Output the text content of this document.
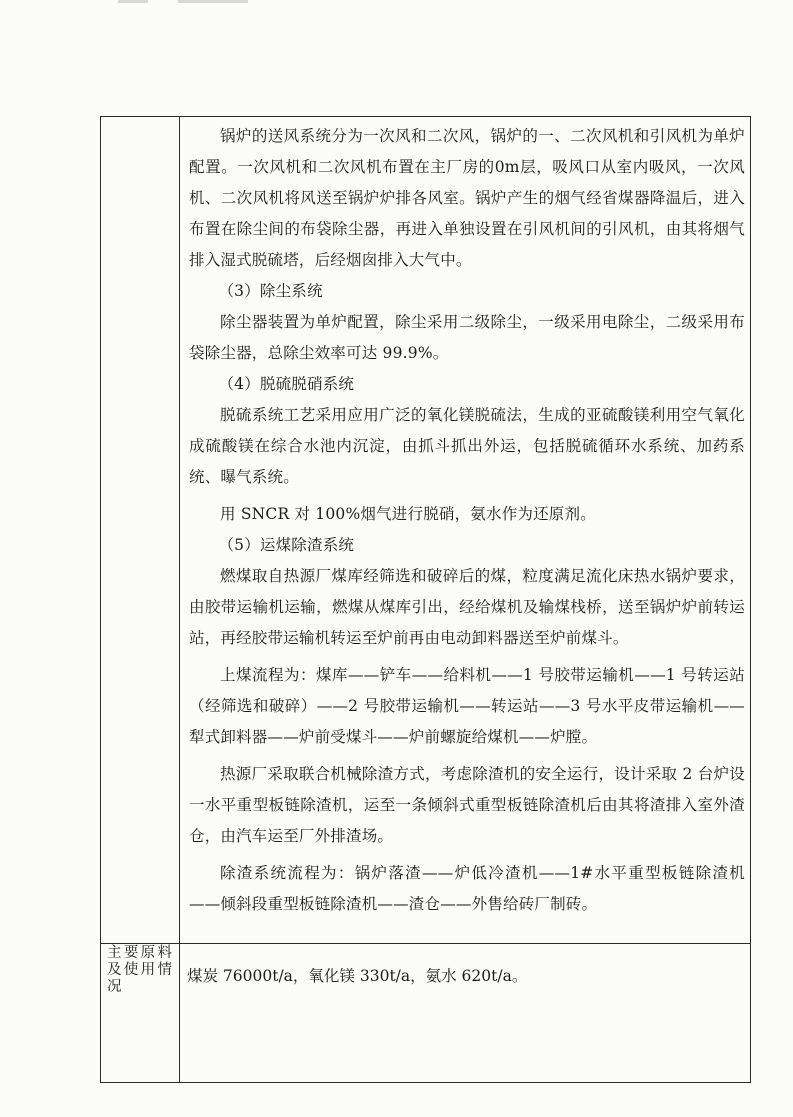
锅炉的送风系统分为一次风和二次风，锅炉的一、二次风机和引风机为单炉配置。一次风机和二次风机布置在主厂房的0m层，吸风口从室内吸风，一次风机、二次风机将风送至锅炉炉排各风室。锅炉产生的烟气经省煤器降温后，进入布置在除尘间的布袋除尘器，再进入单独设置在引风机间的引风机，由其将烟气排入湿式脱硫塔，后经烟囱排入大气中。

（3）除尘系统

除尘器装置为单炉配置，除尘采用二级除尘，一级采用电除尘，二级采用布袋除尘器，总除尘效率可达 99.9%。

（4）脱硫脱硝系统

脱硫系统工艺采用应用广泛的氧化镁脱硫法，生成的亚硫酸镁利用空气氧化成硫酸镁在综合水池内沉淀，由抓斗抓出外运，包括脱硫循环水系统、加药系统、曝气系统。

用 SNCR 对 100%烟气进行脱硝，氨水作为还原剂。

（5）运煤除渣系统

燃煤取自热源厂煤库经筛选和破碎后的煤，粒度满足流化床热水锅炉要求，由胶带运输机运输，燃煤从煤库引出，经给煤机及输煤栈桥，送至锅炉炉前转运站，再经胶带运输机转运至炉前再由电动卸料器送至炉前煤斗。

上煤流程为：煤库——铲车——给料机——1 号胶带运输机——1 号转运站（经筛选和破碎）——2 号胶带运输机——转运站——3 号水平皮带运输机——犁式卸料器——炉前受煤斗——炉前螺旋给煤机——炉膛。

热源厂采取联合机械除渣方式，考虑除渣机的安全运行，设计采取 2 台炉设一水平重型板链除渣机，运至一条倾斜式重型板链除渣机后由其将渣排入室外渣仓，由汽车运至厂外排渣场。

除渣系统流程为：锅炉落渣——炉低冷渣机——1#水平重型板链除渣机——倾斜段重型板链除渣机——渣仓——外售给砖厂制砖。

主要原料
及使用情
况
煤炭 76000t/a，氧化镁 330t/a，氨水 620t/a。
